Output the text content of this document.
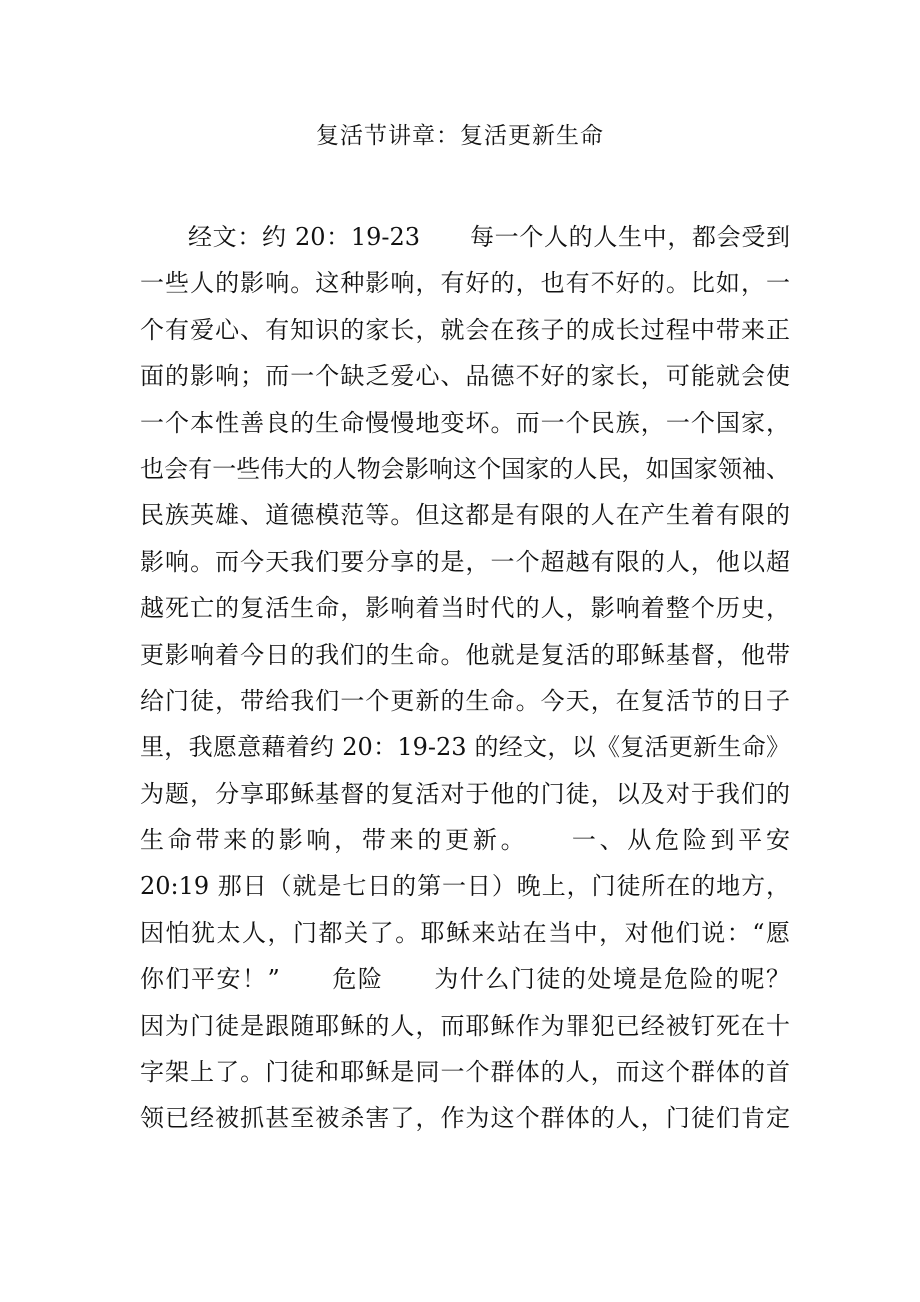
复活节讲章：复活更新生命
经文：约 20：19-23　　每一个人的人生中，都会受到
一些人的影响。这种影响，有好的，也有不好的。比如，一
个有爱心、有知识的家长，就会在孩子的成长过程中带来正
面的影响；而一个缺乏爱心、品德不好的家长，可能就会使
一个本性善良的生命慢慢地变坏。而一个民族，一个国家，
也会有一些伟大的人物会影响这个国家的人民，如国家领袖、
民族英雄、道德模范等。但这都是有限的人在产生着有限的
影响。而今天我们要分享的是，一个超越有限的人，他以超
越死亡的复活生命，影响着当时代的人，影响着整个历史，
更影响着今日的我们的生命。他就是复活的耶稣基督，他带
给门徒，带给我们一个更新的生命。今天，在复活节的日子
里，我愿意藉着约 20：19-23 的经文，以《复活更新生命》
为题，分享耶稣基督的复活对于他的门徒，以及对于我们的
生命带来的影响，带来的更新。　　一、从危险到平安
20:19 那日（就是七日的第一日）晚上，门徒所在的地方，
因怕犹太人，门都关了。耶稣来站在当中，对他们说：“愿
你们平安！”　　危险　　为什么门徒的处境是危险的呢？
因为门徒是跟随耶稣的人，而耶稣作为罪犯已经被钉死在十
字架上了。门徒和耶稣是同一个群体的人，而这个群体的首
领已经被抓甚至被杀害了，作为这个群体的人，门徒们肯定
